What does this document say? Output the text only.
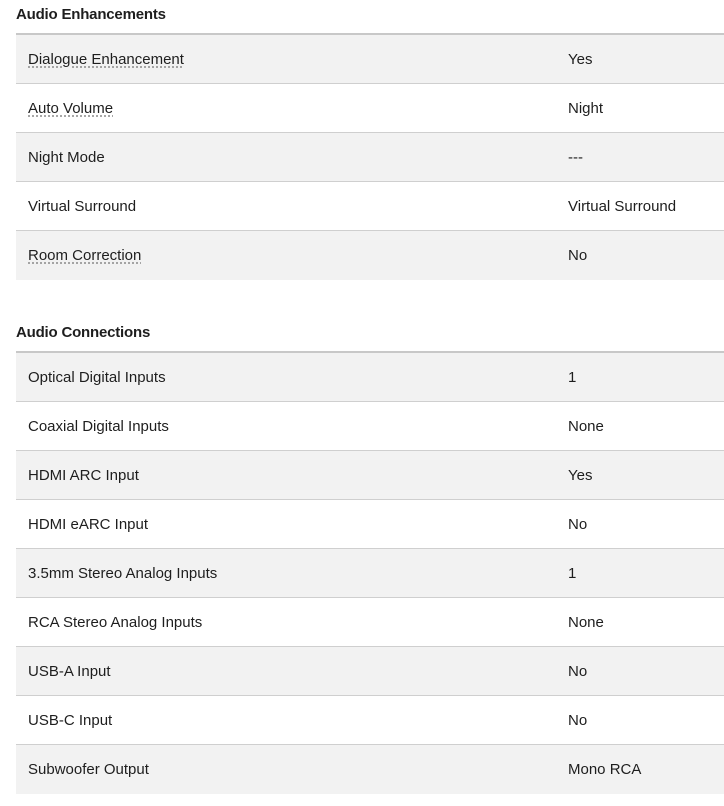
Audio Enhancements
Dialogue Enhancement	Yes
Auto Volume	Night
Night Mode	---
Virtual Surround	Virtual Surround
Room Correction	No
Audio Connections
Optical Digital Inputs	1
Coaxial Digital Inputs	None
HDMI ARC Input	Yes
HDMI eARC Input	No
3.5mm Stereo Analog Inputs	1
RCA Stereo Analog Inputs	None
USB-A Input	No
USB-C Input	No
Subwoofer Output	Mono RCA
